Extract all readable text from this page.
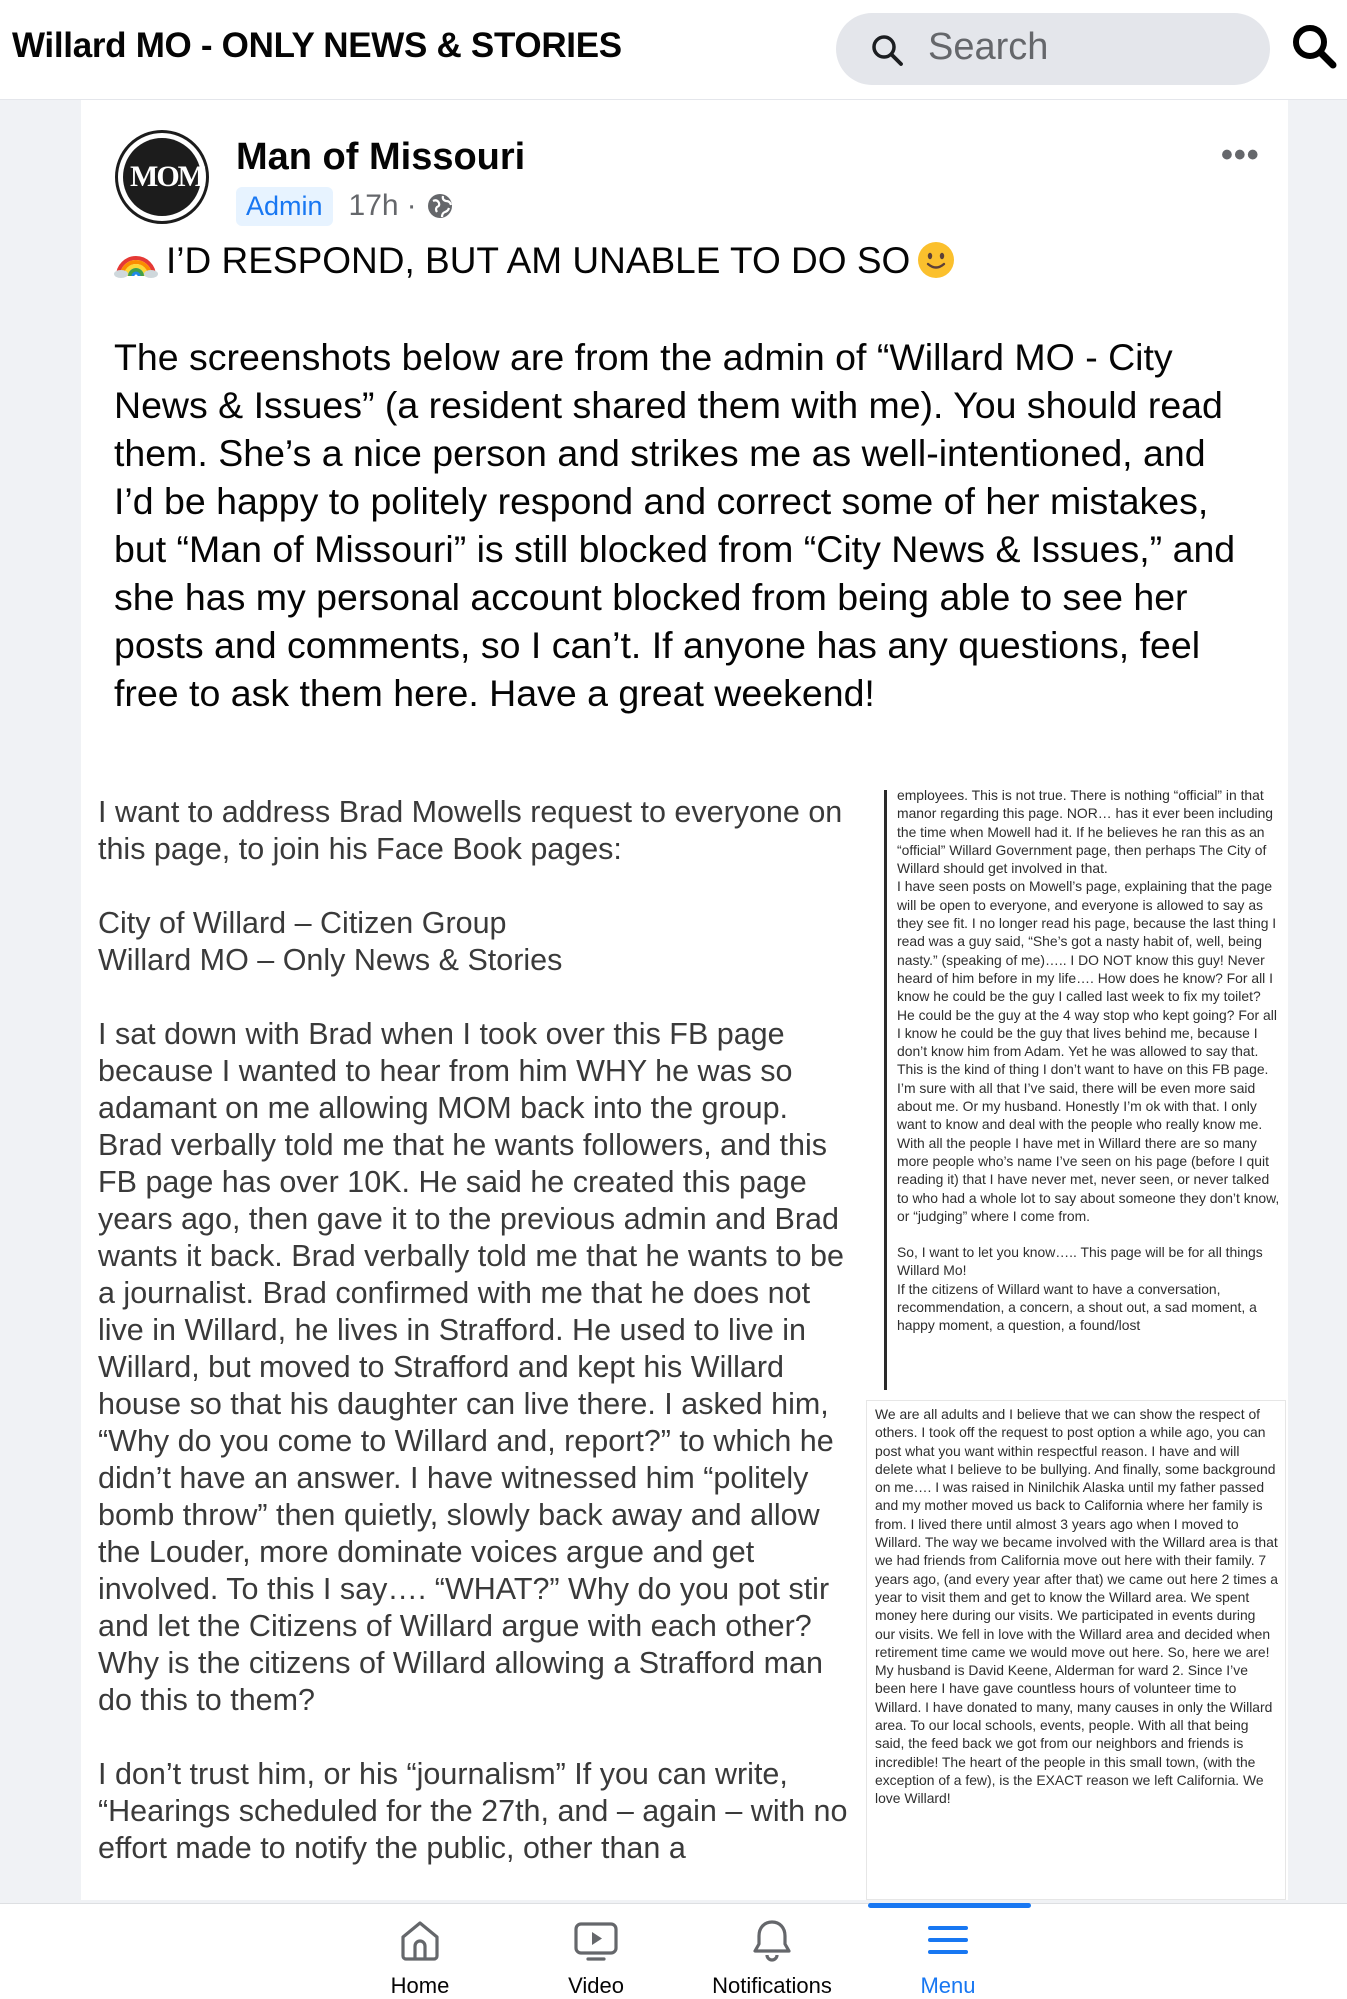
Willard MO - ONLY NEWS & STORIES	Search
MOM Man of Missouri
Admin 17h ·
•••
I’D RESPOND, BUT AM UNABLE TO DO SO
The screenshots below are from the admin of “Willard MO - City News & Issues” (a resident shared them with me). You should read them. She’s a nice person and strikes me as well-intentioned, and I’d be happy to politely respond and correct some of her mistakes, but “Man of Missouri” is still blocked from “City News & Issues,” and she has my personal account blocked from being able to see her posts and comments, so I can’t. If anyone has any questions, feel free to ask them here. Have a great weekend!

I want to address Brad Mowells request to everyone on this page, to join his Face Book pages:

City of Willard – Citizen Group
Willard MO – Only News & Stories

I sat down with Brad when I took over this FB page because I wanted to hear from him WHY he was so adamant on me allowing MOM back into the group. Brad verbally told me that he wants followers, and this FB page has over 10K. He said he created this page years ago, then gave it to the previous admin and Brad wants it back. Brad verbally told me that he wants to be a journalist. Brad confirmed with me that he does not live in Willard, he lives in Strafford. He used to live in Willard, but moved to Strafford and kept his Willard house so that his daughter can live there. I asked him, “Why do you come to Willard and, report?” to which he didn’t have an answer. I have witnessed him “politely bomb throw” then quietly, slowly back away and allow the Louder, more dominate voices argue and get involved. To this I say…. “WHAT?” Why do you pot stir and let the Citizens of Willard argue with each other? Why is the citizens of Willard allowing a Strafford man do this to them?

I don’t trust him, or his “journalism” If you can write, “Hearings scheduled for the 27th, and – again – with no effort made to notify the public, other than a

employees. This is not true. There is nothing “official” in that manor regarding this page. NOR… has it ever been including the time when Mowell had it. If he believes he ran this as an “official” Willard Government page, then perhaps The City of Willard should get involved in that.
I have seen posts on Mowell’s page, explaining that the page will be open to everyone, and everyone is allowed to say as they see fit. I no longer read his page, because the last thing I read was a guy said, “She’s got a nasty habit of, well, being nasty.” (speaking of me)….. I DO NOT know this guy! Never heard of him before in my life…. How does he know? For all I know he could be the guy I called last week to fix my toilet? He could be the guy at the 4 way stop who kept going? For all I know he could be the guy that lives behind me, because I don’t know him from Adam. Yet he was allowed to say that. This is the kind of thing I don’t want to have on this FB page.

I’m sure with all that I’ve said, there will be even more said about me. Or my husband. Honestly I’m ok with that. I only want to know and deal with the people who really know me. With all the people I have met in Willard there are so many more people who’s name I’ve seen on his page (before I quit reading it) that I have never met, never seen, or never talked to who had a whole lot to say about someone they don’t know, or “judging” where I come from.

So, I want to let you know….. This page will be for all things Willard Mo!
If the citizens of Willard want to have a conversation, recommendation, a concern, a shout out, a sad moment, a happy moment, a question, a found/lost
We are all adults and I believe that we can show the respect of others. I took off the request to post option a while ago, you can post what you want within respectful reason. I have and will delete what I believe to be bullying. And finally, some background on me…. I was raised in Ninilchik Alaska until my father passed and my mother moved us back to California where her family is from. I lived there until almost 3 years ago when I moved to Willard. The way we became involved with the Willard area is that we had friends from California move out here with their family. 7 years ago, (and every year after that) we came out here 2 times a year to visit them and get to know the Willard area. We spent money here during our visits. We participated in events during our visits. We fell in love with the Willard area and decided when retirement time came we would move out here. So, here we are! My husband is David Keene, Alderman for ward 2. Since I’ve been here I have gave countless hours of volunteer time to Willard. I have donated to many, many causes in only the Willard area. To our local schools, events, people. With all that being said, the feed back we got from our neighbors and friends is incredible! The heart of the people in this small town, (with the exception of a few), is the EXACT reason we left California. We love Willard!
Home	Video	Notifications	Menu
